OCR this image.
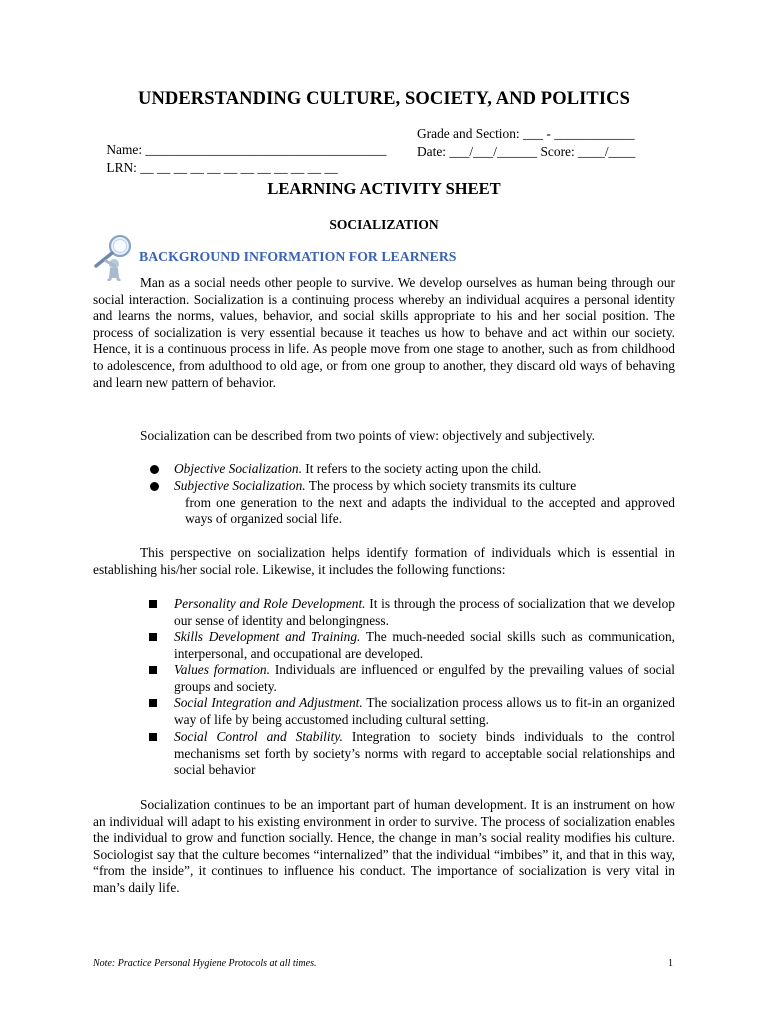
UNDERSTANDING CULTURE, SOCIETY, AND POLITICS

Name: ____________________________________

Grade and Section: ___ - ____________

LRN: __ __ __ __ __ __ __ __ __ __ __ __

Date: ___/___/______ Score: ____/____

LEARNING ACTIVITY SHEET
SOCIALIZATION
BACKGROUND INFORMATION FOR LEARNERS

Man as a social needs other people to survive. We develop ourselves as human being through our social interaction. Socialization is a continuing process whereby an individual acquires a personal identity and learns the norms, values, behavior, and social skills appropriate to his and her social position. The process of socialization is very essential because it teaches us how to behave and act within our society. Hence, it is a continuous process in life. As people move from one stage to another, such as from childhood to adolescence, from adulthood to old age, or from one group to another, they discard old ways of behaving and learn new pattern of behavior.

Socialization can be described from two points of view: objectively and subjectively.

Objective Socialization. It refers to the society acting upon the child.
Subjective Socialization. The process by which society transmits its culture
from one generation to the next and adapts the individual to the accepted and approved ways of organized social life.

This perspective on socialization helps identify formation of individuals which is essential in establishing his/her social role. Likewise, it includes the following functions:

Personality and Role Development. It is through the process of socialization that we develop our sense of identity and belongingness.
Skills Development and Training. The much-needed social skills such as communication, interpersonal, and occupational are developed.
Values formation. Individuals are influenced or engulfed by the prevailing values of social groups and society.
Social Integration and Adjustment. The socialization process allows us to fit-in an organized way of life by being accustomed including cultural setting.
Social Control and Stability. Integration to society binds individuals to the control mechanisms set forth by society’s norms with regard to acceptable social relationships and social behavior

Socialization continues to be an important part of human development. It is an instrument on how an individual will adapt to his existing environment in order to survive. The process of socialization enables the individual to grow and function socially. Hence, the change in man’s social reality modifies his culture. Sociologist say that the culture becomes “internalized” that the individual “imbibes” it, and that in this way, “from the inside”, it continues to influence his conduct. The importance of socialization is very vital in man’s daily life.

Note: Practice Personal Hygiene Protocols at all times.	1
